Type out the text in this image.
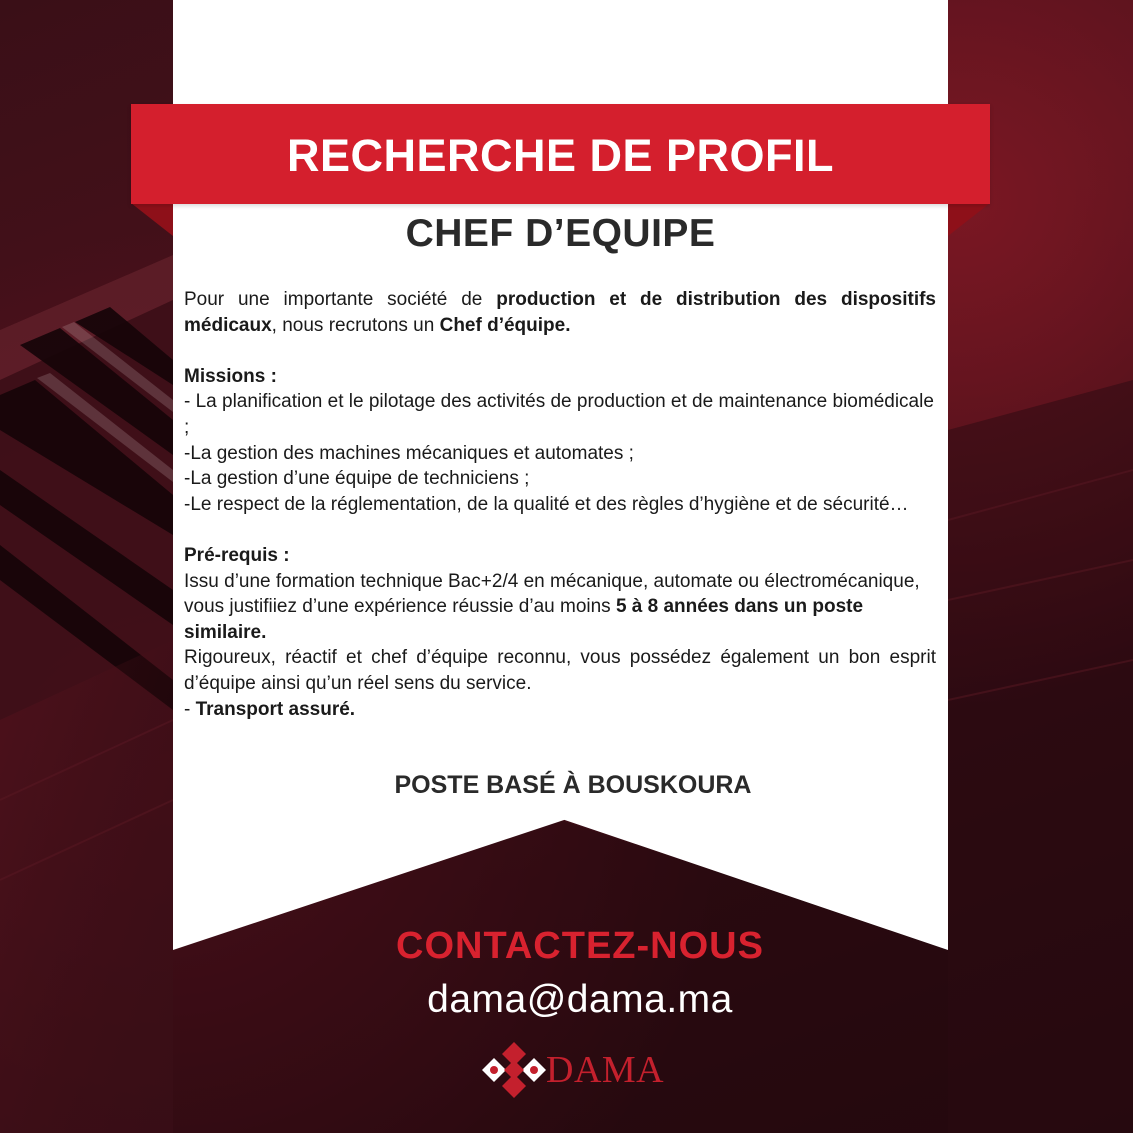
RECHERCHE DE PROFIL
CHEF D’EQUIPE

Pour une importante société de production et de distribution des dispositifs médicaux, nous recrutons un Chef d’équipe.

Missions :

- La planification et le pilotage des activités de production et de maintenance biomédicale ;

-La gestion des machines mécaniques et automates ;

-La gestion d’une équipe de techniciens ;

-Le respect de la réglementation, de la qualité et des règles d’hygiène et de sécurité…

Pré-requis :

Issu d’une formation technique Bac+2/4 en mécanique, automate ou électromécanique, vous justifiiez d’une expérience réussie d’au moins 5 à 8 années dans un poste similaire.

Rigoureux, réactif et chef d’équipe reconnu, vous possédez également un bon esprit d’équipe ainsi qu’un réel sens du service.

- Transport assuré.

POSTE BASÉ À BOUSKOURA
CONTACTEZ-NOUS
dama@dama.ma
DAMA
